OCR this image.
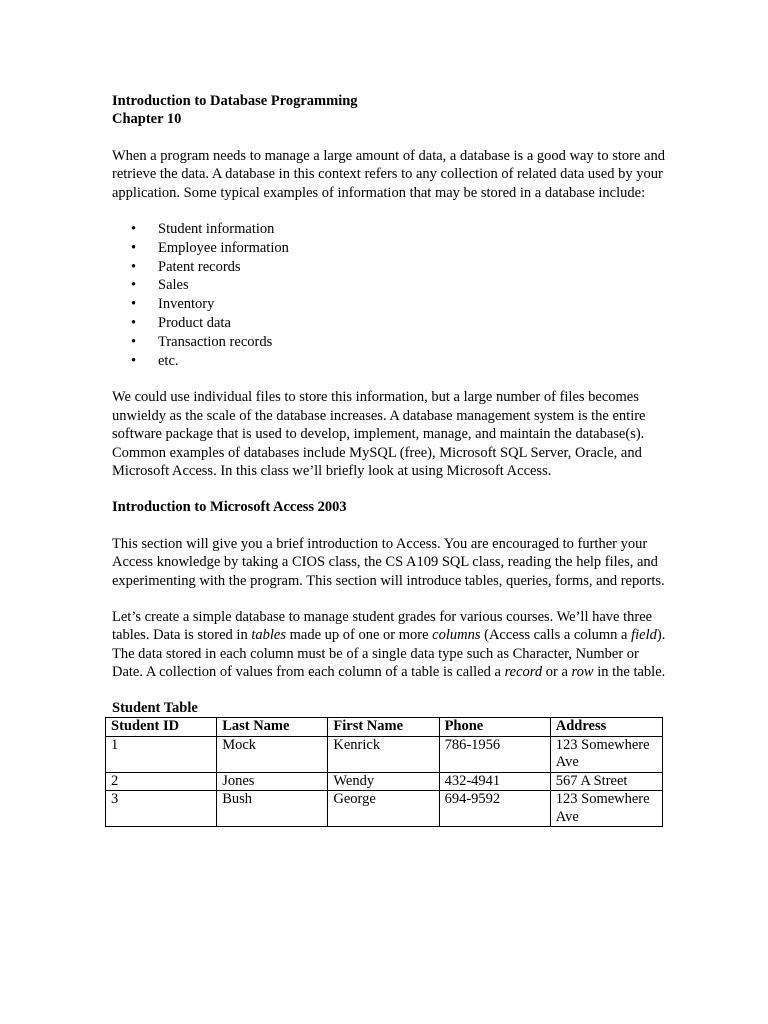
Introduction to Database Programming
Chapter 10

When a program needs to manage a large amount of data, a database is a good way to store and retrieve the data. A database in this context refers to any collection of related data used by your application. Some typical examples of information that may be stored in a database include:

• Student information
• Employee information
• Patent records
• Sales
• Inventory
• Product data
• Transaction records
• etc.

We could use individual files to store this information, but a large number of files becomes unwieldy as the scale of the database increases. A database management system is the entire software package that is used to develop, implement, manage, and maintain the database(s). Common examples of databases include MySQL (free), Microsoft SQL Server, Oracle, and Microsoft Access. In this class we’ll briefly look at using Microsoft Access.

Introduction to Microsoft Access 2003

This section will give you a brief introduction to Access. You are encouraged to further your Access knowledge by taking a CIOS class, the CS A109 SQL class, reading the help files, and experimenting with the program. This section will introduce tables, queries, forms, and reports.

Let’s create a simple database to manage student grades for various courses. We’ll have three tables. Data is stored in tables made up of one or more columns (Access calls a column a field). The data stored in each column must be of a single data type such as Character, Number or Date. A collection of values from each column of a table is called a record or a row in the table.

Student Table
Student ID	Last Name	First Name	Phone	Address
1	Mock	Kenrick	786-1956	123 Somewhere Ave
2	Jones	Wendy	432-4941	567 A Street
3	Bush	George	694-9592	123 Somewhere Ave
